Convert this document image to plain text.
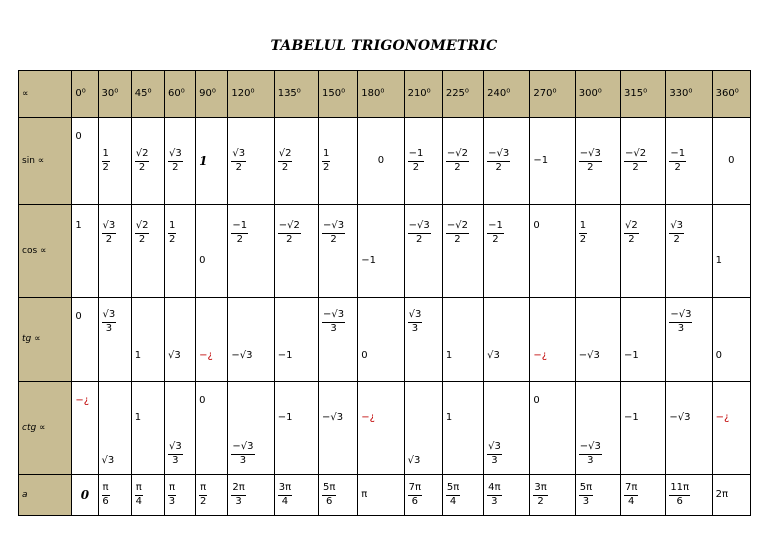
TABELUL TRIGONOMETRIC
∝	0⁰	30⁰	45⁰	60⁰	90⁰	120⁰	135⁰	150⁰	180⁰	210⁰	225⁰	240⁰	270⁰	300⁰	315⁰	330⁰	360⁰
sin ∝	0	$\frac{1}{2}$	$\frac{√2}{2}$	$\frac{√3}{2}$	1	$\frac{√3}{2}$	$\frac{√2}{2}$	$\frac{1}{2}$	0	$\frac{-1}{2}$	$\frac{-√2}{2}$	$\frac{-√3}{2}$	−1	$\frac{-√3}{2}$	$\frac{-√2}{2}$	$\frac{-1}{2}$	0
cos ∝	1	$\frac{√3}{2}$	$\frac{√2}{2}$	$\frac{1}{2}$	0	$\frac{-1}{2}$	$\frac{-√2}{2}$	$\frac{-√3}{2}$	−1	$\frac{-√3}{2}$	$\frac{-√2}{2}$	$\frac{-1}{2}$	0	$\frac{1}{2}$	$\frac{√2}{2}$	$\frac{√3}{2}$	1
tg ∝	0	$\frac{√3}{3}$	1	√3	−¿	−√3	−1	$\frac{-√3}{3}$	0	$\frac{√3}{3}$	1	√3	−¿	−√3	−1	$\frac{-√3}{3}$	0
ctg ∝	−¿	√3	1	$\frac{√3}{3}$	0	$\frac{-√3}{3}$	−1	−√3	−¿	√3	1	$\frac{√3}{3}$	0	$\frac{-√3}{3}$	−1	−√3	−¿
a	0	$\frac{\pi}{6}$	$\frac{\pi}{4}$	$\frac{\pi}{3}$	$\frac{\pi}{2}$	$\frac{2\pi}{3}$	$\frac{3\pi}{4}$	$\frac{5\pi}{6}$	π	$\frac{7\pi}{6}$	$\frac{5\pi}{4}$	$\frac{4\pi}{3}$	$\frac{3\pi}{2}$	$\frac{5\pi}{3}$	$\frac{7\pi}{4}$	$\frac{11\pi}{6}$	2π
